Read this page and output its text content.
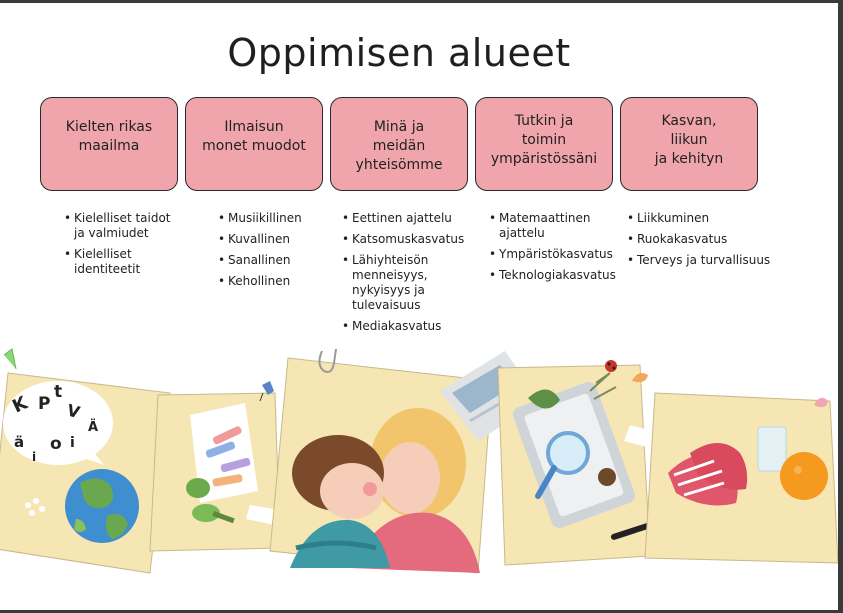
Oppimisen alueet
Kielten rikas
maailma
Ilmaisun
monet muodot
Minä ja
meidän yhteisömme
Tutkin ja
toimin
ympäristössäni
Kasvan,
liikun
ja kehityn
• Kielelliset taidot
ja valmiudet
• Kielelliset
identiteetit
• Musiikillinen
• Kuvallinen
• Sanallinen
• Kehollinen
• Eettinen ajattelu
• Katsomuskasvatus
• Lähiyhteisön
menneisyys,
nykyisyys ja
tulevaisuus
• Mediakasvatus
• Matemaattinen
ajattelu
• Ympäristökasvatus
• Teknologiakasvatus
• Liikkuminen
• Ruokakasvatus
• Terveys ja turvallisuus
K P
t
V
Ä
ä
i
o i
